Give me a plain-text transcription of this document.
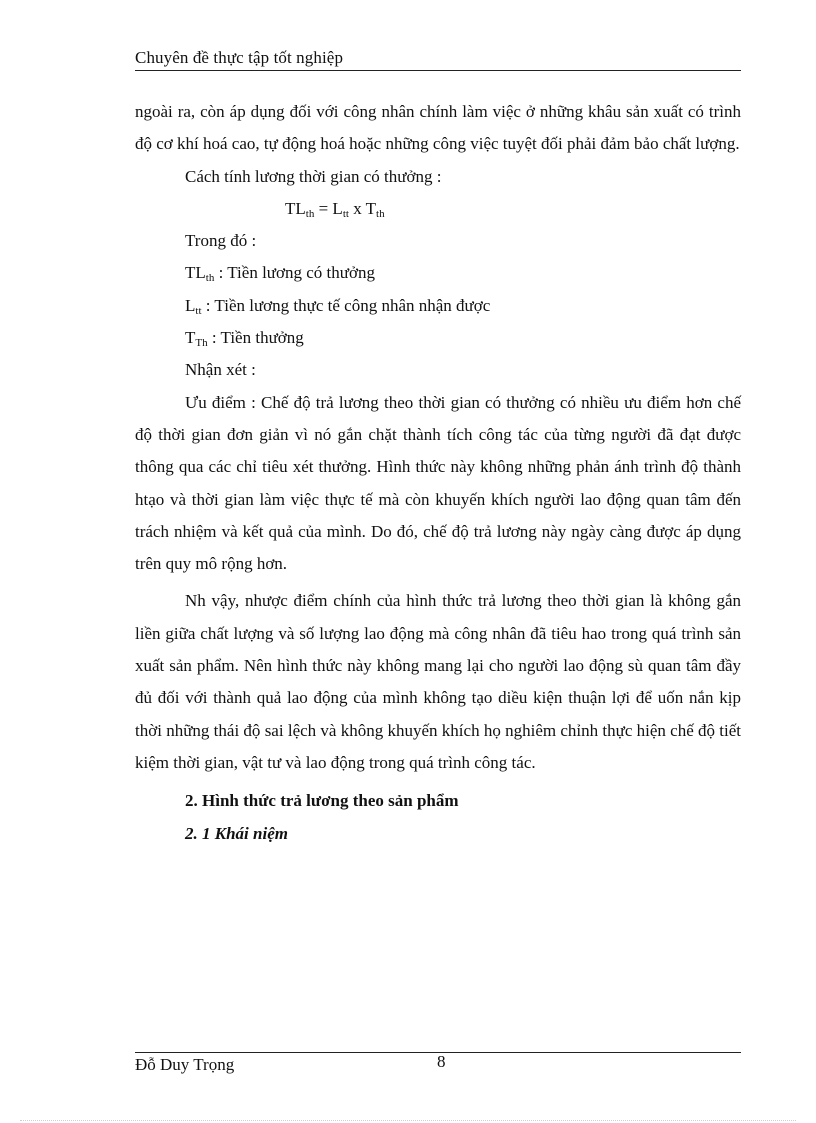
Chuyên đề thực tập tốt nghiệp

ngoài ra, còn áp dụng đối với công nhân chính làm việc ở những khâu sản xuất có trình độ cơ khí hoá cao, tự động hoá hoặc những công việc tuyệt đối phải đảm bảo chất lượng.

Cách tính lương thời gian có thưởng :

$TL_{th} = L_{tt}$ x $T_{th}$

Trong đó :

$TL_{th}$ : Tiền lương có thưởng

$L_{tt}$ : Tiền lương thực tế công nhân nhận được

$T_{Th}$ : Tiền thưởng

Nhận xét :

Ưu điểm : Chế độ trả lương theo thời gian có thưởng có nhiều ưu điểm hơn chế độ thời gian đơn giản vì nó gắn chặt thành tích công tác của từng người đã đạt được thông qua các chỉ tiêu xét thưởng. Hình thức này không những phản ánh trình độ thành htạo và thời gian làm việc thực tế mà còn khuyến khích người lao động quan tâm đến trách nhiệm và kết quả của mình. Do đó, chế độ trả lương này ngày càng được áp dụng trên quy mô rộng hơn.

Nh vậy, nhược điểm chính của hình thức trả lương theo thời gian là không gắn liền giữa chất lượng và số lượng lao động mà công nhân đã tiêu hao trong quá trình sản xuất sản phẩm. Nên hình thức này không mang lại cho người lao động sù quan tâm đầy đủ đối với thành quả lao động của mình không tạo diều kiện thuận lợi để uốn nắn kịp thời những thái độ sai lệch và không khuyến khích họ nghiêm chỉnh thực hiện chế độ tiết kiệm thời gian, vật tư và lao động trong quá trình công tác.

2. Hình thức trả lương theo sản phẩm

2. 1 Khái niệm

Đỗ Duy Trọng	8
